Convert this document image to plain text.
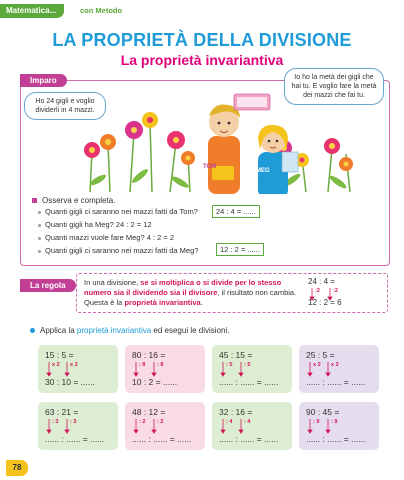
Matematica...	con Metodo
LA PROPRIETÀ DELLA DIVISIONE
La proprietà invariantiva
Imparo
TOM
MEG
Ho 24 gigli e voglio dividerli in 4 mazzi.
Io ho la metà dei gigli che hai tu. E voglio fare la metà dei mazzi che fai tu.
Osserva e completa.
Quanti gigli ci saranno nei mazzi fatti da Tom?
Quanti gigli ha Meg? 24 : 2 = 12
Quanti mazzi vuole fare Meg? 4 : 2 = 2
Quanti gigli ci saranno nei mazzi fatti da Meg?
24 : 4 = ......
12 : 2 = ......
La regola	In una divisione, se si moltiplica o si divide per lo stesso numero sia il dividendo sia il divisore, il risultato non cambia. Questa è la proprietà invariantiva.
24 : 4 =
:2 :2
12 : 2 = 6
Applica la proprietà invariantiva ed esegui le divisioni.
15 : 5 =
x 2 x 2
30 : 10 = ......
80 : 16 =
: 8 : 8
10 : 2 = ......
45 : 15 =
: 5 : 5
...... : ...... = ......
25 : 5 =
x 2 x 2
...... : ...... = ......
63 : 21 =
: 3 : 3
...... : ...... = ......
48 : 12 =
: 2 : 2
...... : ...... = ......
32 : 16 =
: 4 : 4
...... : ...... = ......
90 : 45 =
: 9 : 9
...... : ...... = ......
78
